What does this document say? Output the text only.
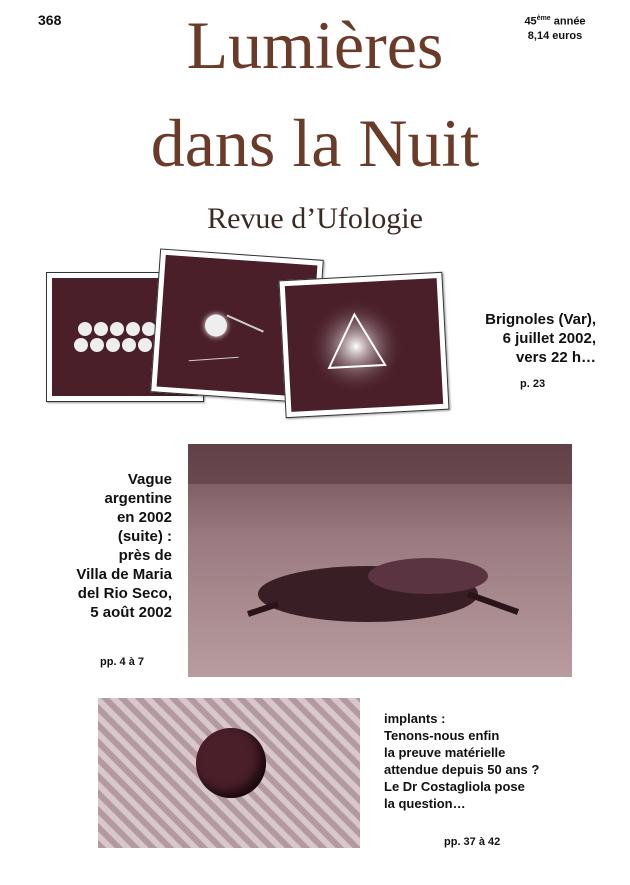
368	45ème année
8,14 euros
Lumières
dans la Nuit
Revue d’Ufologie
Brignoles (Var),
6 juillet 2002,
vers 22 h…
p. 23
Vague
argentine
en 2002
(suite) :
près de
Villa de Maria
del Rio Seco,
5 août 2002
pp. 4 à 7
implants :
Tenons-nous enfin
la preuve matérielle
attendue depuis 50 ans ?
Le Dr Costagliola pose
la question…
pp. 37 à 42
